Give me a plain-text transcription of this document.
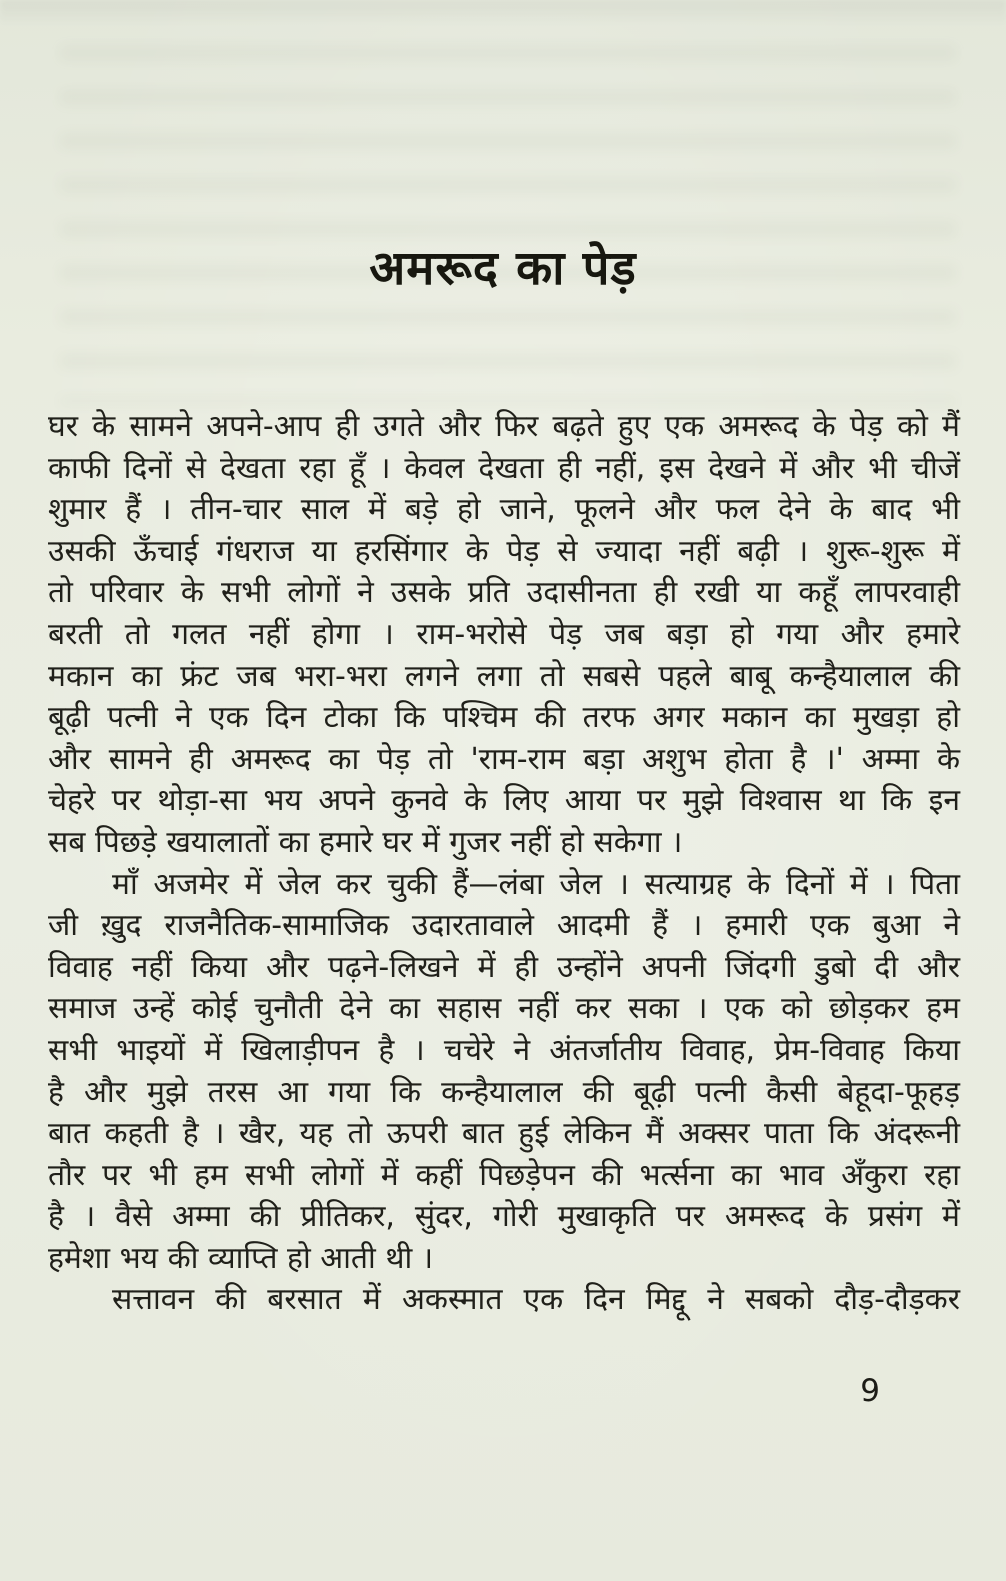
अमरूद का पेड़
घर के सामने अपने-आप ही उगते और फिर बढ़ते हुए एक अमरूद के पेड़ को मैं
काफी दिनों से देखता रहा हूँ । केवल देखता ही नहीं, इस देखने में और भी चीजें
शुमार हैं । तीन-चार साल में बड़े हो जाने, फूलने और फल देने के बाद भी
उसकी ऊँचाई गंधराज या हरसिंगार के पेड़ से ज्यादा नहीं बढ़ी । शुरू-शुरू में
तो परिवार के सभी लोगों ने उसके प्रति उदासीनता ही रखी या कहूँ लापरवाही
बरती तो गलत नहीं होगा । राम-भरोसे पेड़ जब बड़ा हो गया और हमारे
मकान का फ्रंट जब भरा-भरा लगने लगा तो सबसे पहले बाबू कन्हैयालाल की
बूढ़ी पत्नी ने एक दिन टोका कि पश्चिम की तरफ अगर मकान का मुखड़ा हो
और सामने ही अमरूद का पेड़ तो 'राम-राम बड़ा अशुभ होता है ।' अम्मा के
चेहरे पर थोड़ा-सा भय अपने कुनवे के लिए आया पर मुझे विश्वास था कि इन
सब पिछड़े खयालातों का हमारे घर में गुजर नहीं हो सकेगा ।
माँ अजमेर में जेल कर चुकी हैं—लंबा जेल । सत्याग्रह के दिनों में । पिता
जी ख़ुद राजनैतिक-सामाजिक उदारतावाले आदमी हैं । हमारी एक बुआ ने
विवाह नहीं किया और पढ़ने-लिखने में ही उन्होंने अपनी जिंदगी डुबो दी और
समाज उन्हें कोई चुनौती देने का सहास नहीं कर सका । एक को छोड़कर हम
सभी भाइयों में खिलाड़ीपन है । चचेरे ने अंतर्जातीय विवाह, प्रेम-विवाह किया
है और मुझे तरस आ गया कि कन्हैयालाल की बूढ़ी पत्नी कैसी बेहूदा-फूहड़
बात कहती है । खैर, यह तो ऊपरी बात हुई लेकिन मैं अक्सर पाता कि अंदरूनी
तौर पर भी हम सभी लोगों में कहीं पिछड़ेपन की भर्त्सना का भाव अँकुरा रहा
है । वैसे अम्मा की प्रीतिकर, सुंदर, गोरी मुखाकृति पर अमरूद के प्रसंग में
हमेशा भय की व्याप्ति हो आती थी ।
सत्तावन की बरसात में अकस्मात एक दिन मिद्दू ने सबको दौड़-दौड़कर
9
